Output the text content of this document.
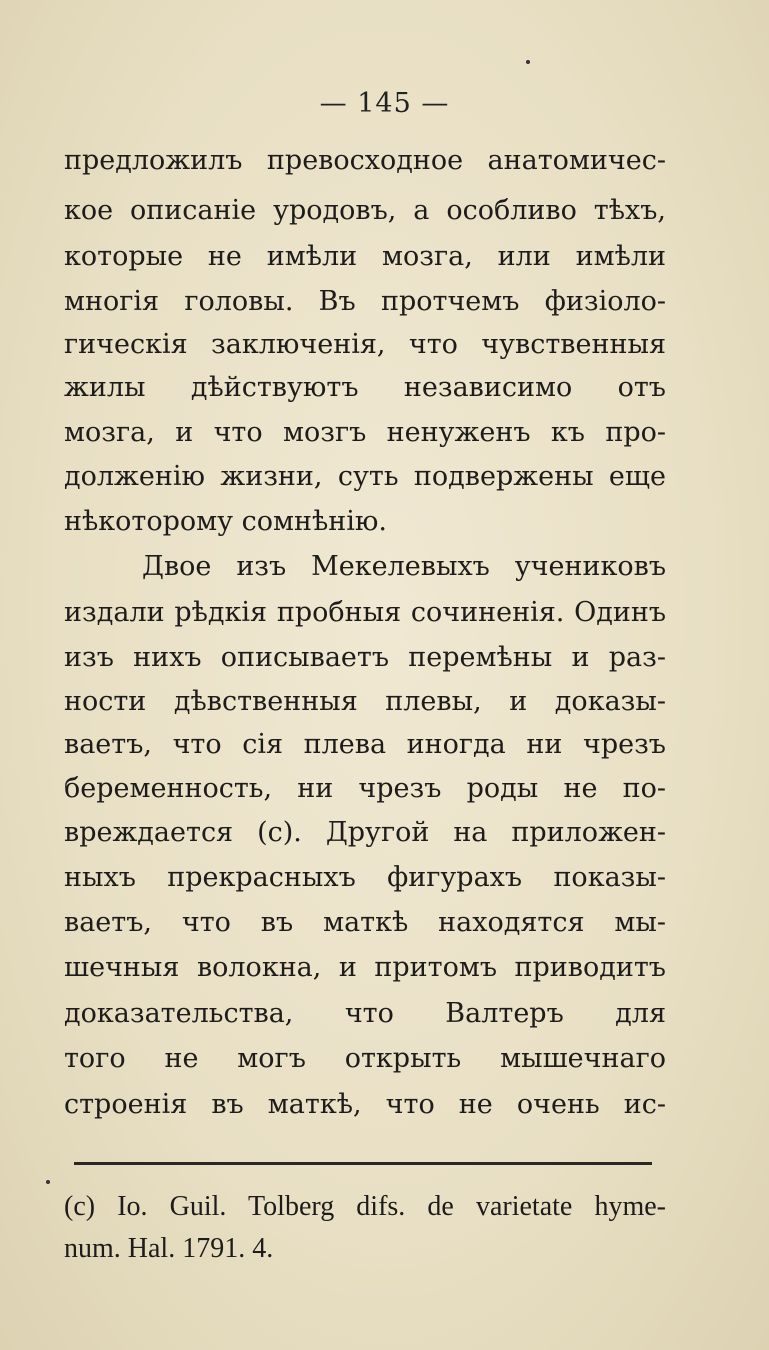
— 145 —
предложилъ превосходное анатомичес-
кое описаніе уродовъ, а особливо тѣхъ,
которые не имѣли мозга, или имѣли
многія головы. Въ протчемъ физіоло-
гическія заключенія, что чувственныя
жилы дѣйствуютъ независимо отъ
мозга, и что мозгъ ненуженъ къ про-
долженію жизни, суть подвержены еще
нѣкоторому сомнѣнію.
Двое изъ Мекелевыхъ учениковъ
издали рѣдкія пробныя сочиненія. Одинъ
изъ нихъ описываетъ перемѣны и раз-
ности дѣвственныя плевы, и доказы-
ваетъ, что сія плева иногда ни чрезъ
беременность, ни чрезъ роды не по-
вреждается (с). Другой на приложен-
ныхъ прекрасныхъ фигурахъ показы-
ваетъ, что въ маткѣ находятся мы-
шечныя волокна, и притомъ приводитъ
доказательства, что Валтеръ для
того не могъ открыть мышечнаго
строенія въ маткѣ, что не очень ис-
(c) Io. Guil. Tolberg difs. de varietate hyme-
num. Hal. 1791. 4.
